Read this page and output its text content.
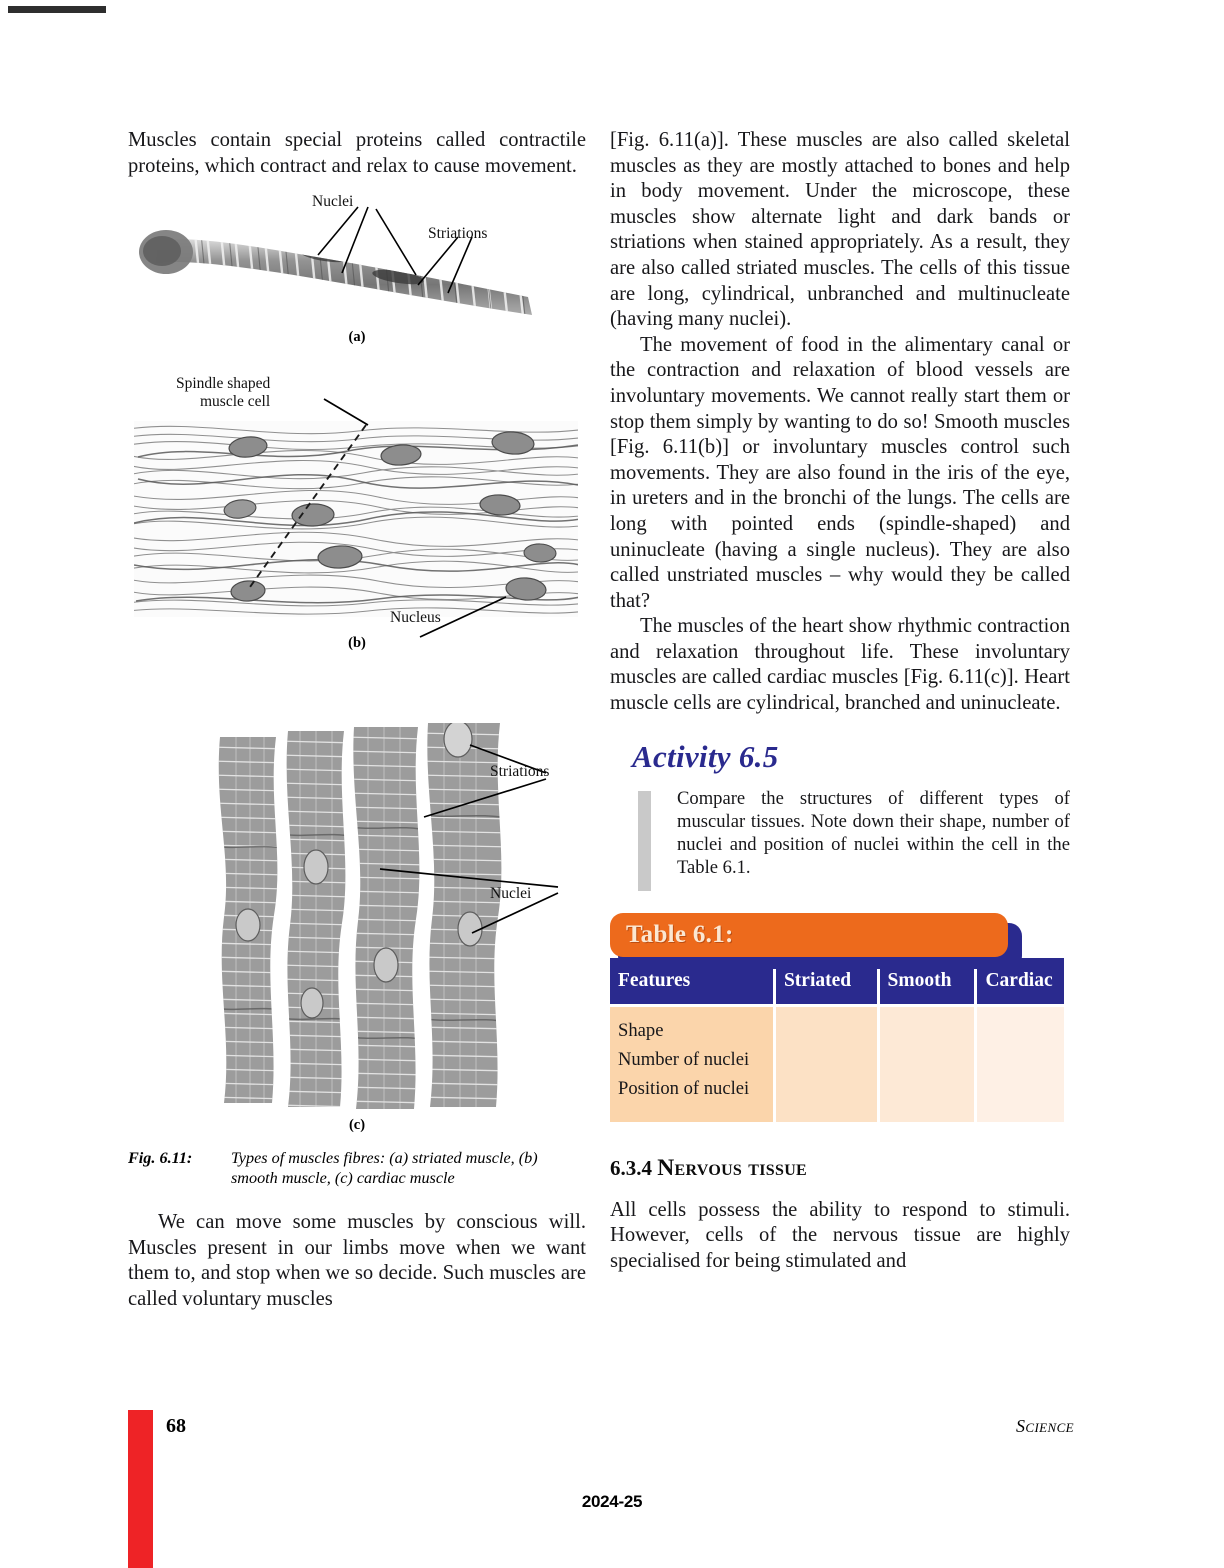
Muscles contain special proteins called contractile proteins, which contract and relax to cause movement.

Nuclei
Striations
(a)
Spindle shaped
muscle cell
Nucleus
(b)
Striations
Nuclei
(c)
Fig. 6.11:	Types of muscles fibres: (a) striated muscle, (b) smooth muscle, (c) cardiac muscle

We can move some muscles by conscious will. Muscles present in our limbs move when we want them to, and stop when we so decide. Such muscles are called voluntary muscles

[Fig. 6.11(a)]. These muscles are also called skeletal muscles as they are mostly attached to bones and help in body movement. Under the microscope, these muscles show alternate light and dark bands or striations when stained appropriately. As a result, they are also called striated muscles. The cells of this tissue are long, cylindrical, unbranched and multinucleate (having many nuclei).

The movement of food in the alimentary canal or the contraction and relaxation of blood vessels are involuntary movements. We cannot really start them or stop them simply by wanting to do so! Smooth muscles [Fig. 6.11(b)] or involuntary muscles control such movements. They are also found in the iris of the eye, in ureters and in the bronchi of the lungs. The cells are long with pointed ends (spindle-shaped) and uninucleate (having a single nucleus). They are also called unstriated muscles – why would they be called that?

The muscles of the heart show rhythmic contraction and relaxation throughout life. These involuntary muscles are called cardiac muscles [Fig. 6.11(c)]. Heart muscle cells are cylindrical, branched and uninucleate.

Activity 6.5
Compare the structures of different types of muscular tissues. Note down their shape, number of nuclei and position of nuclei within the cell in the Table 6.1.
Table 6.1:
Features	Striated	Smooth	Cardiac

Shape
Number of nuclei
Position of nuclei			

6.3.4 Nervous tissue

All cells possess the ability to respond to stimuli. However, cells of the nervous tissue are highly specialised for being stimulated and

68	Science
2024-25
